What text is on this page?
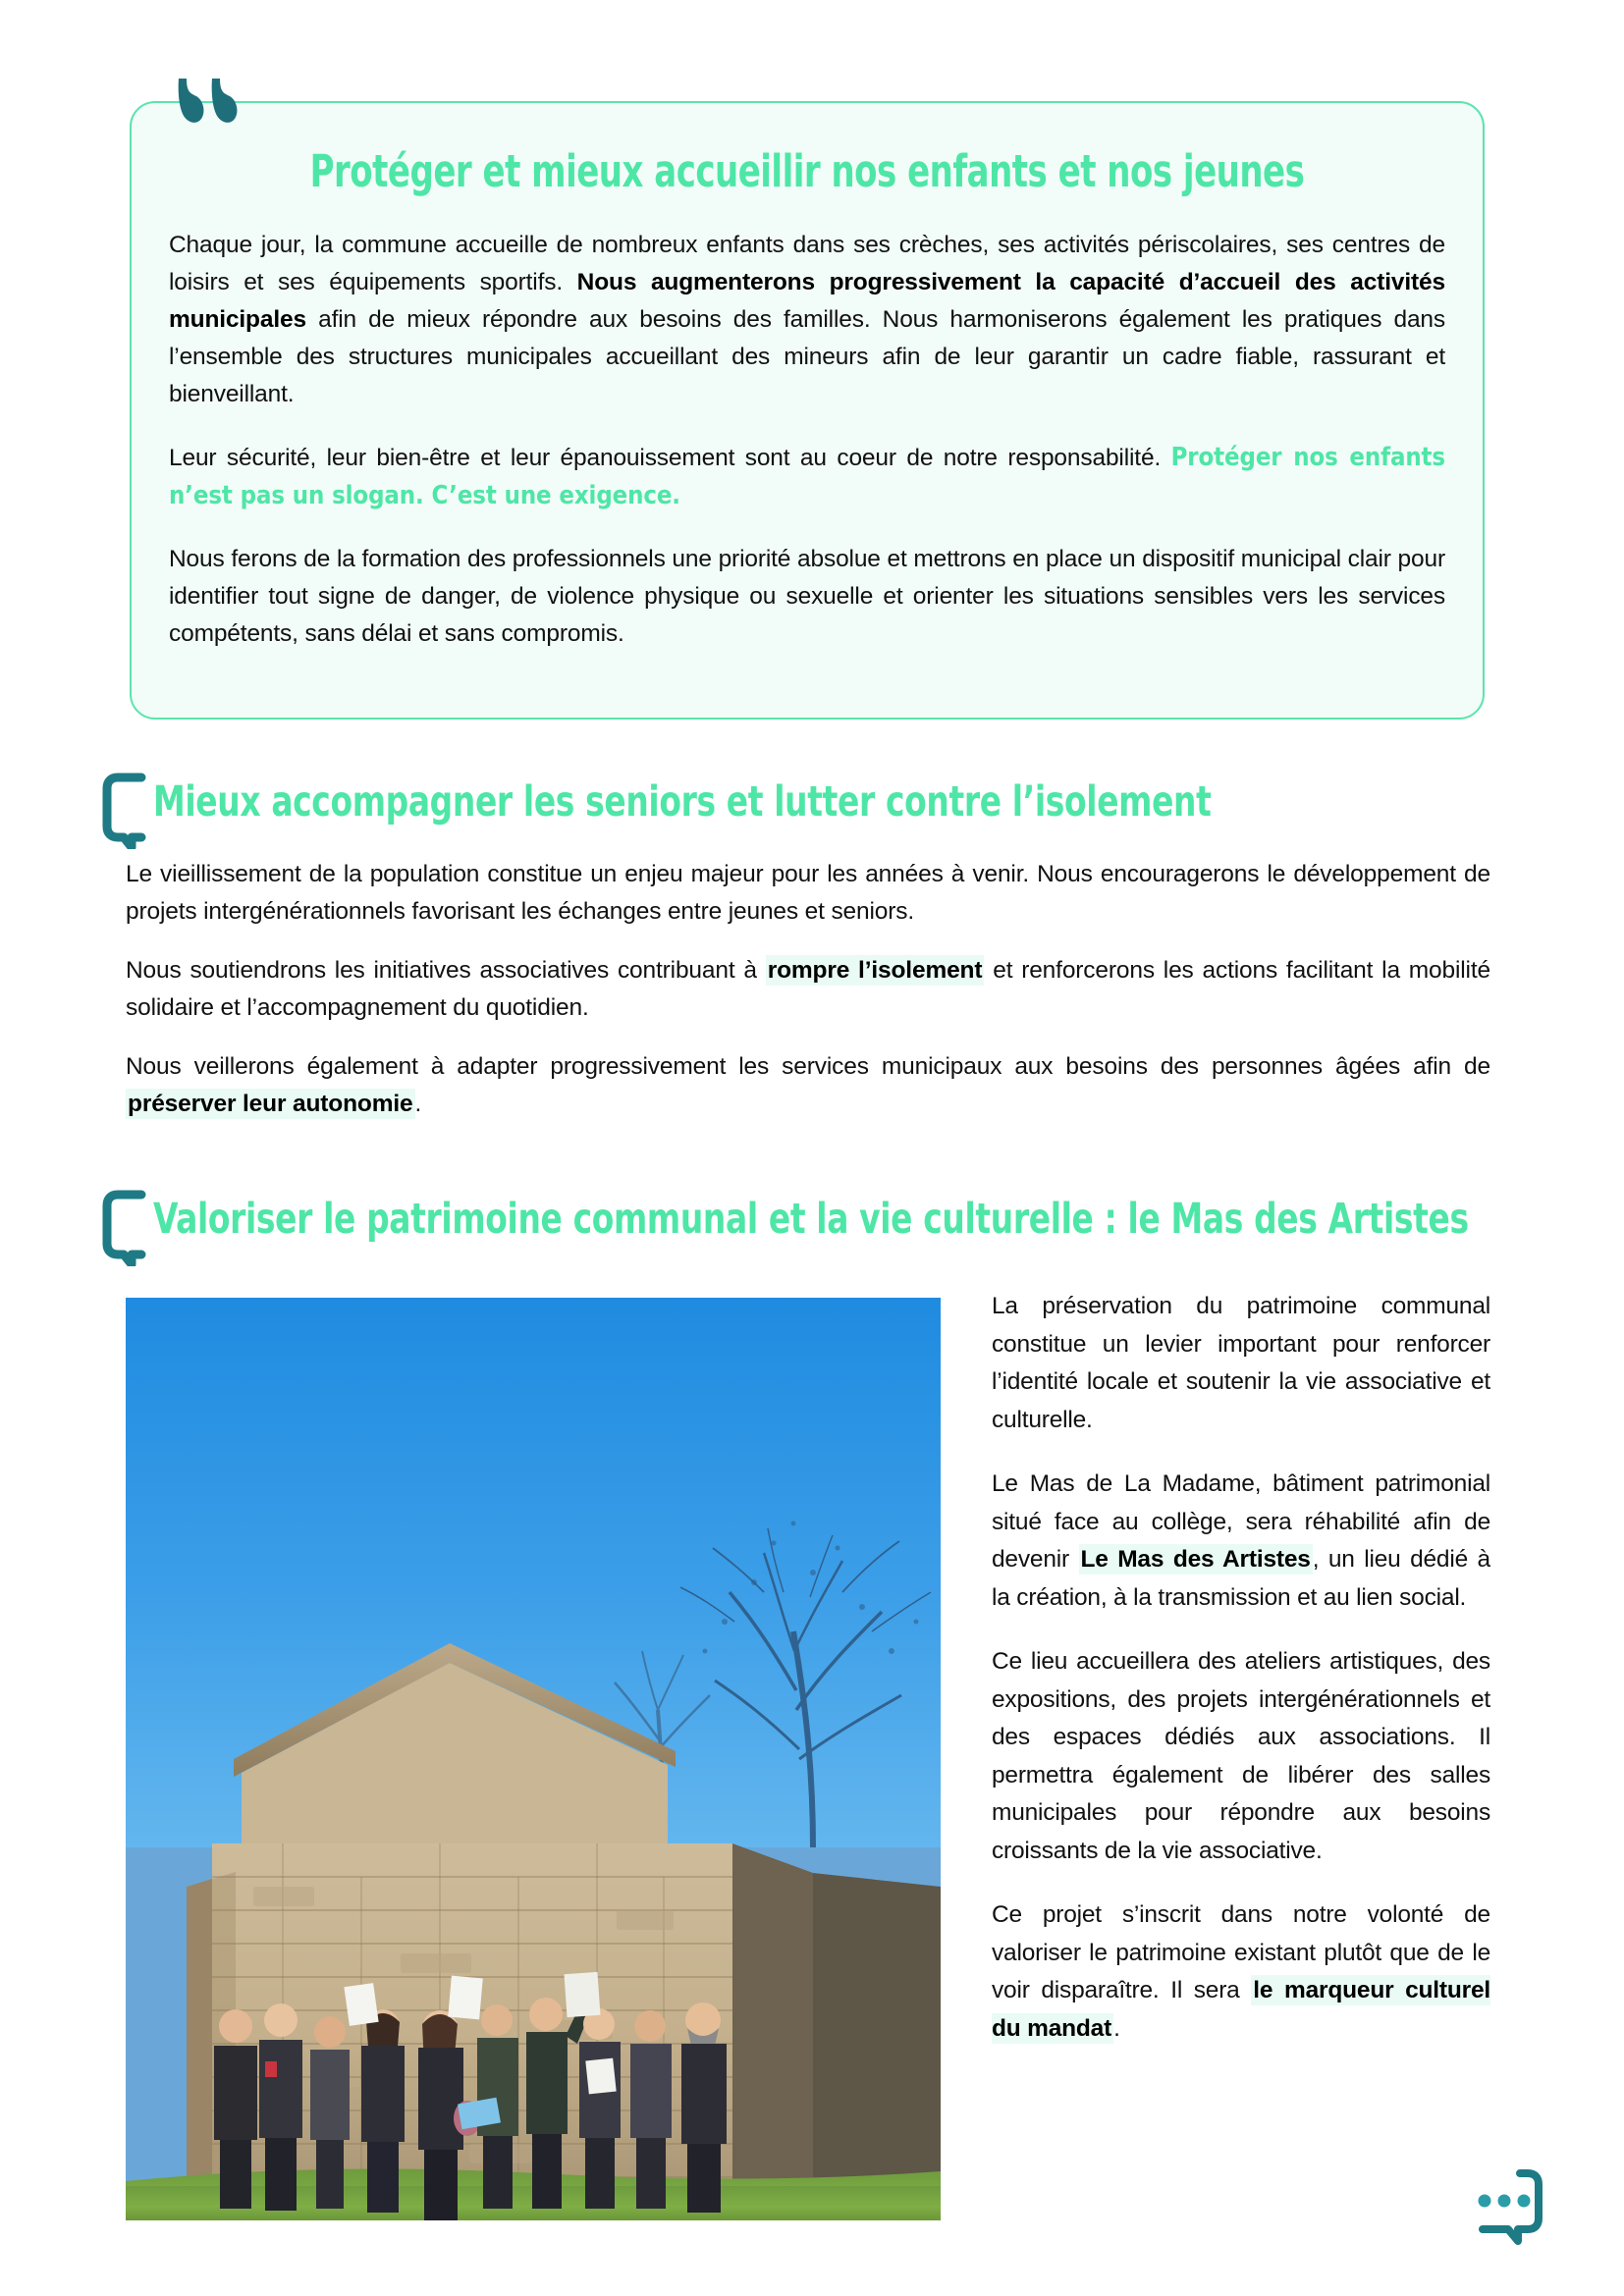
Protéger et mieux accueillir nos enfants et nos jeunes

Chaque jour, la commune accueille de nombreux enfants dans ses crèches, ses activités périscolaires, ses centres de loisirs et ses équipements sportifs. Nous augmenterons progressivement la capacité d’accueil des activités municipales afin de mieux répondre aux besoins des familles. Nous harmoniserons également les pratiques dans l’ensemble des structures municipales accueillant des mineurs afin de leur garantir un cadre fiable, rassurant et bienveillant.

Leur sécurité, leur bien-être et leur épanouissement sont au coeur de notre responsabilité. Protéger nos enfants n’est pas un slogan. C’est une exigence.

Nous ferons de la formation des professionnels une priorité absolue et mettrons en place un dispositif municipal clair pour identifier tout signe de danger, de violence physique ou sexuelle et orienter les situations sensibles vers les services compétents, sans délai et sans compromis.

Mieux accompagner les seniors et lutter contre l’isolement

Le vieillissement de la population constitue un enjeu majeur pour les années à venir. Nous encouragerons le développement de projets intergénérationnels favorisant les échanges entre jeunes et seniors.

Nous soutiendrons les initiatives associatives contribuant à rompre l’isolement et renforcerons les actions facilitant la mobilité solidaire et l’accompagnement du quotidien.

Nous veillerons également à adapter progressivement les services municipaux aux besoins des personnes âgées afin de préserver leur autonomie.

Valoriser le patrimoine communal et la vie culturelle : le Mas des Artistes

La préservation du patrimoine communal constitue un levier important pour renforcer l’identité locale et soutenir la vie associative et culturelle.

Le Mas de La Madame, bâtiment patrimonial situé face au collège, sera réhabilité afin de devenir Le Mas des Artistes, un lieu dédié à la création, à la transmission et au lien social.

Ce lieu accueillera des ateliers artistiques, des expositions, des projets intergénérationnels et des espaces dédiés aux associations. Il permettra également de libérer des salles municipales pour répondre aux besoins croissants de la vie associative.

Ce projet s’inscrit dans notre volonté de valoriser le patrimoine existant plutôt que de le voir disparaître. Il sera le marqueur culturel du mandat.
